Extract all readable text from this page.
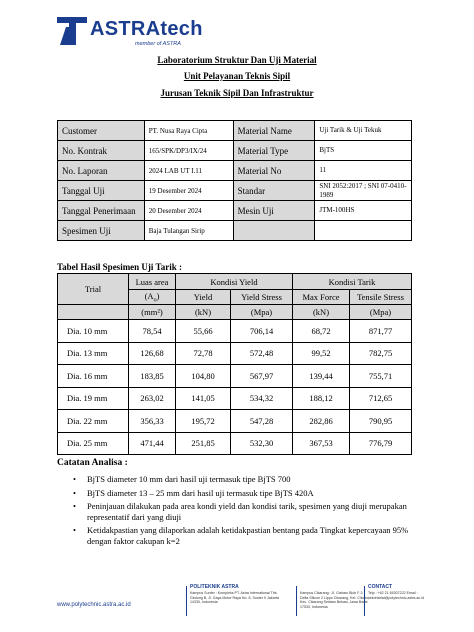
ASTRAtech
member of ASTRA
Laboratorium Struktur Dan Uji Material
Unit Pelayanan Teknis Sipil
Jurusan Teknik Sipil Dan Infrastruktur
Customer	PT. Nusa Raya Cipta	Material Name	Uji Tarik & Uji Tekuk
No. Kontrak	165/SPK/DP3/IX/24	Material Type	BjTS
No. Laporan	2024 LAB UT I.11	Material No	11
Tanggal Uji	19 Desember 2024	Standar	SNI 2052:2017 ; SNI 07-0410-1989
Tanggal Penerimaan	20 Desember 2024	Mesin Uji	JTM-100HS
Spesimen Uji	Baja Tulangan Sirip		
Tabel Hasil Spesimen Uji Tarik :
Trial	Luas area	Kondisi Yield		Kondisi Tarik	
	$(A_o)$	Yield	Yield Stress	Max Force	Tensile Stress
	(mm²)	(kN)	(Mpa)	(kN)	(Mpa)
Dia. 10 mm	78,54	55,66	706,14	68,72	871,77
Dia. 13 mm	126,68	72,78	572,48	99,52	782,75
Dia. 16 mm	183,85	104,80	567,97	139,44	755,71
Dia. 19 mm	263,02	141,05	534,32	188,12	712,65
Dia. 22 mm	356,33	195,72	547,28	282,86	790,95
Dia. 25 mm	471,44	251,85	532,30	367,53	776,79
Catatan Analisa :
• BjTS diameter 10 mm dari hasil uji termasuk tipe BjTS 700
• BjTS diameter 13 – 25 mm dari hasil uji termasuk tipe BjTS 420A
• Peninjauan dilakukan pada area kondi yield dan kondisi tarik, spesimen yang diuji merupakan representatif dari yang diuji
• Ketidakpastian yang dilaporkan adalah ketidakpastian bentang pada Tingkat kepercayaan 95% dengan faktor cakupan k=2
www.polytechnic.astra.ac.id
POLITEKNIK ASTRA
Kampus Sunter : Kompleks PT. Astra International Tbk. Gedung B, Jl. Gaya Motor Raya No. 8, Sunter II Jakarta 14330, Indonesia

Kampus Cikarang : Jl. Gaharu Blok F-3 Delta Silicon 2 Lippo Cikarang, Kel. Cibatu, Kec. Cikarang Selatan Bekasi, Jawa Barat 17530, Indonesia
CONTACT
Telp : +62 21 65307222 Email : sekretariat@polytechnic.astra.ac.id
